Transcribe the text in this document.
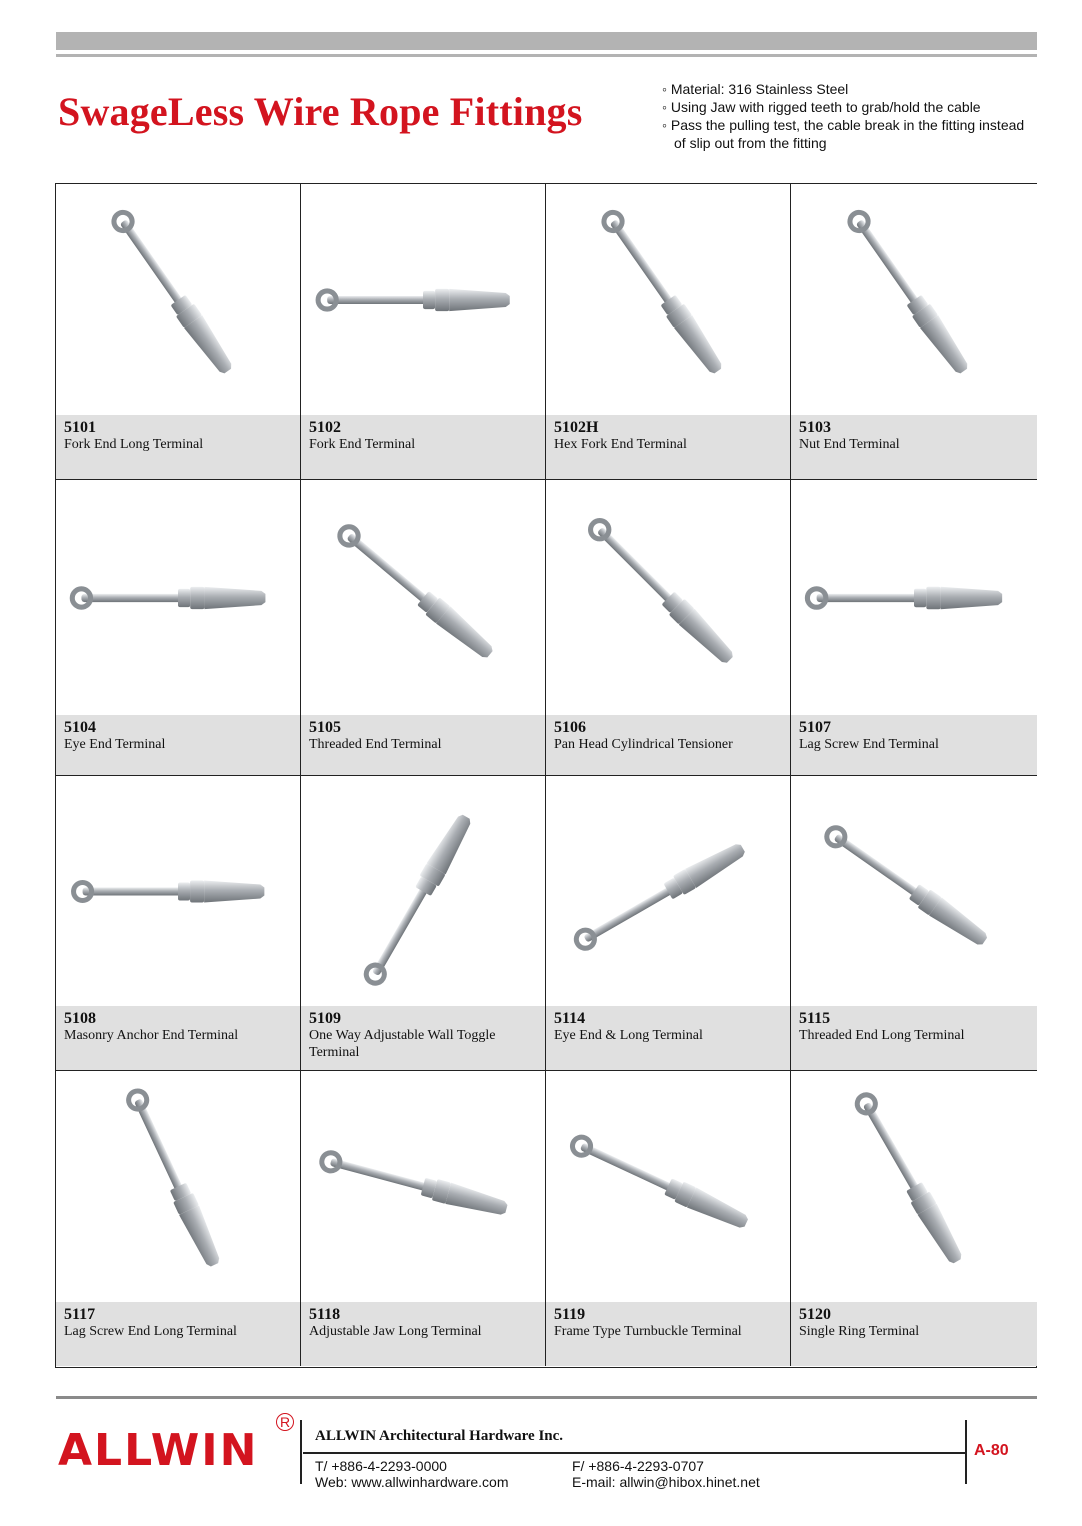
SwageLess Wire Rope Fittings	◦ Material: 316 Stainless Steel
◦ Using Jaw with rigged teeth to grab/hold the cable
◦ Pass the pulling test, the cable break in the fitting instead
of slip out from the fitting
5101
Fork End Long Terminal
5102
Fork End Terminal
5102H
Hex Fork End Terminal
5103
Nut End Terminal
5104
Eye End Terminal
5105
Threaded End Terminal
5106
Pan Head Cylindrical Tensioner
5107
Lag Screw End Terminal
5108
Masonry Anchor End Terminal
5109
One Way Adjustable Wall Toggle Terminal
5114
Eye End & Long Terminal
5115
Threaded End Long Terminal
5117
Lag Screw End Long Terminal
5118
Adjustable Jaw Long Terminal
5119
Frame Type Turnbuckle Terminal
5120
Single Ring Terminal
ALLWIN
R
ALLWIN Architectural Hardware Inc.
T/ +886-4-2293-0000
Web: www.allwinhardware.com
F/ +886-4-2293-0707
E-mail: allwin@hibox.hinet.net
A-80
